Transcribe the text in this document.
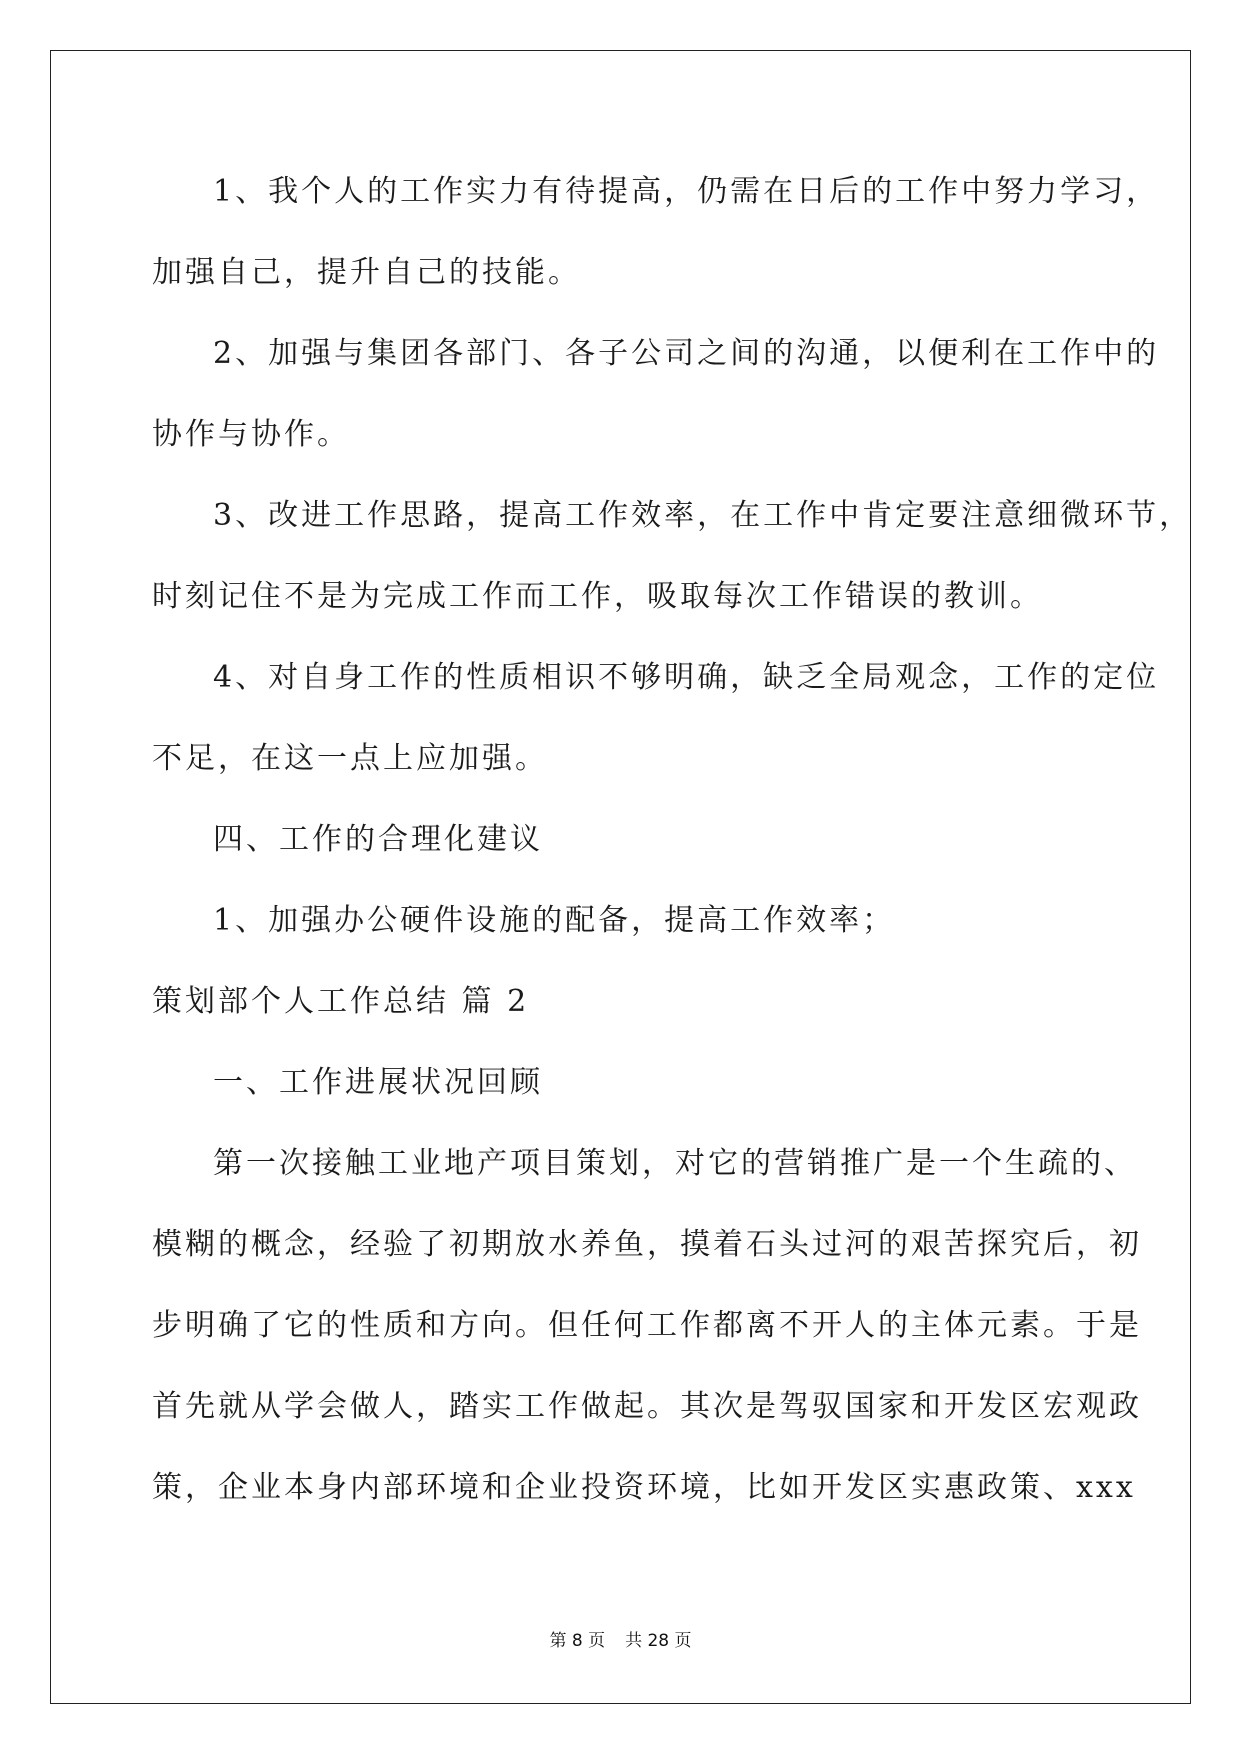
1、我个人的工作实力有待提高，仍需在日后的工作中努力学习，
加强自己，提升自己的技能。
2、加强与集团各部门、各子公司之间的沟通，以便利在工作中的
协作与协作。
3、改进工作思路，提高工作效率，在工作中肯定要注意细微环节，
时刻记住不是为完成工作而工作，吸取每次工作错误的教训。
4、对自身工作的性质相识不够明确，缺乏全局观念，工作的定位
不足，在这一点上应加强。
四、工作的合理化建议
1、加强办公硬件设施的配备，提高工作效率；
策划部个人工作总结 篇 2
一、工作进展状况回顾
第一次接触工业地产项目策划，对它的营销推广是一个生疏的、
模糊的概念，经验了初期放水养鱼，摸着石头过河的艰苦探究后，初
步明确了它的性质和方向。但任何工作都离不开人的主体元素。于是
首先就从学会做人，踏实工作做起。其次是驾驭国家和开发区宏观政
策，企业本身内部环境和企业投资环境，比如开发区实惠政策、xxx
第 8 页 共 28 页
